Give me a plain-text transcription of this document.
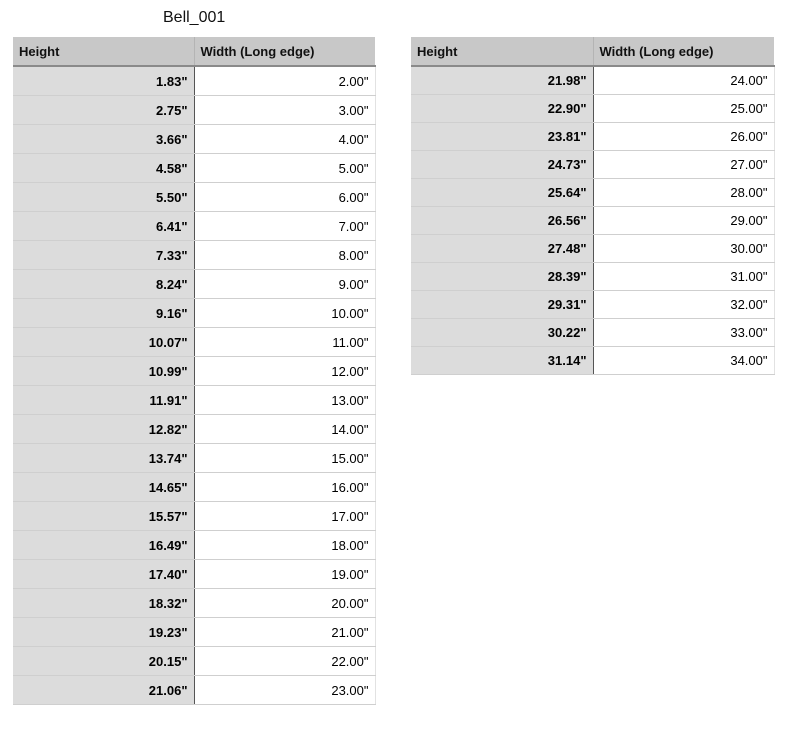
Bell_001
Height	Width (Long edge)
1.83"	2.00"
2.75"	3.00"
3.66"	4.00"
4.58"	5.00"
5.50"	6.00"
6.41"	7.00"
7.33"	8.00"
8.24"	9.00"
9.16"	10.00"
10.07"	11.00"
10.99"	12.00"
11.91"	13.00"
12.82"	14.00"
13.74"	15.00"
14.65"	16.00"
15.57"	17.00"
16.49"	18.00"
17.40"	19.00"
18.32"	20.00"
19.23"	21.00"
20.15"	22.00"
21.06"	23.00"
Height	Width (Long edge)
21.98"	24.00"
22.90"	25.00"
23.81"	26.00"
24.73"	27.00"
25.64"	28.00"
26.56"	29.00"
27.48"	30.00"
28.39"	31.00"
29.31"	32.00"
30.22"	33.00"
31.14"	34.00"
